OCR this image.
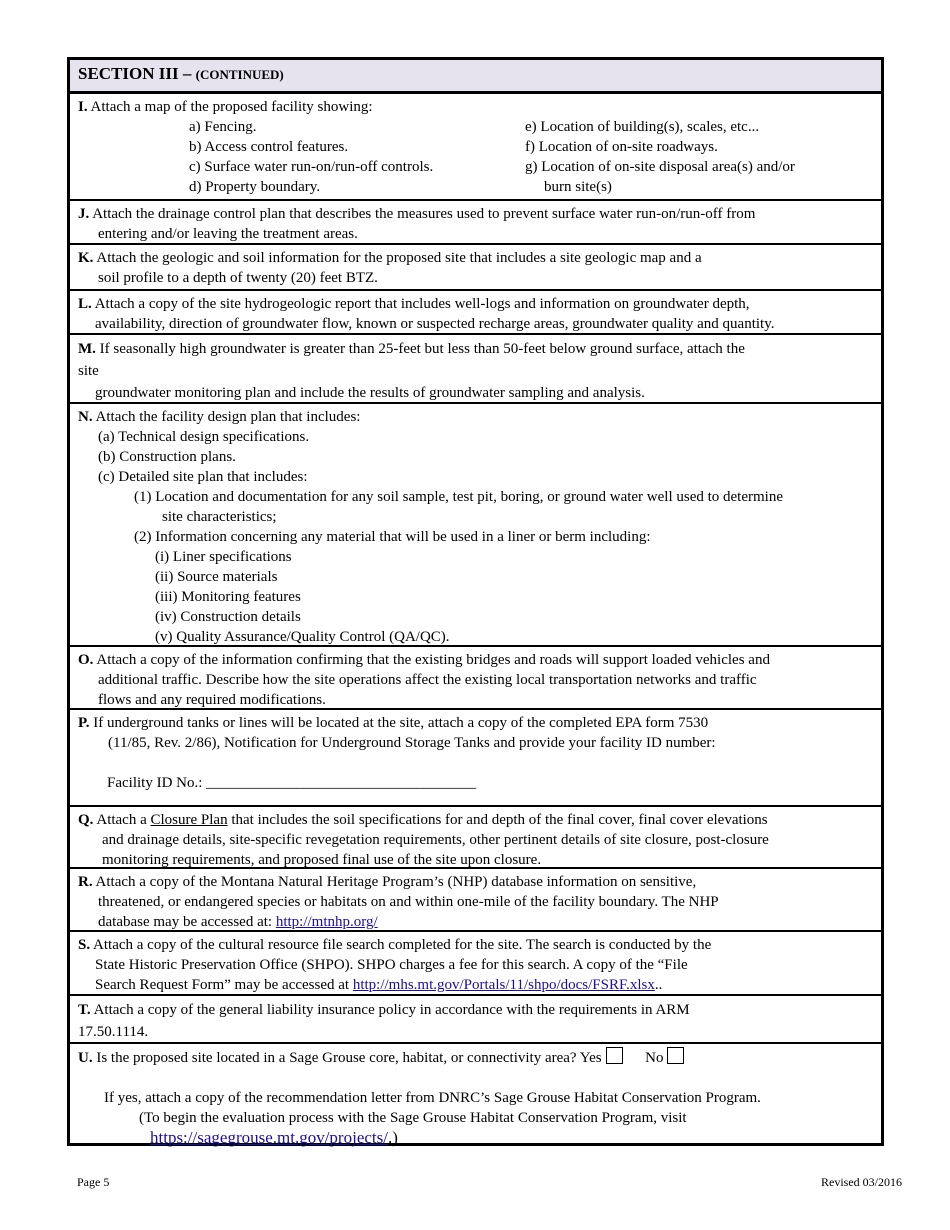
SECTION III – (CONTINUED)
I. Attach a map of the proposed facility showing:
a) Fencing.
b) Access control features.
c) Surface water run-on/run-off controls.
d) Property boundary.
e) Location of building(s), scales, etc...
f) Location of on-site roadways.
g) Location of on-site disposal area(s) and/or
burn site(s)
J. Attach the drainage control plan that describes the measures used to prevent surface water run-on/run-off from
entering and/or leaving the treatment areas.
K. Attach the geologic and soil information for the proposed site that includes a site geologic map and a
soil profile to a depth of twenty (20) feet BTZ.
L. Attach a copy of the site hydrogeologic report that includes well-logs and information on groundwater depth,
availability, direction of groundwater flow, known or suspected recharge areas, groundwater quality and quantity.
M. If seasonally high groundwater is greater than 25-feet but less than 50-feet below ground surface, attach the
site
groundwater monitoring plan and include the results of groundwater sampling and analysis.
N. Attach the facility design plan that includes:
(a) Technical design specifications.
(b) Construction plans.
(c) Detailed site plan that includes:
(1) Location and documentation for any soil sample, test pit, boring, or ground water well used to determine
site characteristics;
(2) Information concerning any material that will be used in a liner or berm including:
(i) Liner specifications
(ii) Source materials
(iii) Monitoring features
(iv) Construction details
(v) Quality Assurance/Quality Control (QA/QC).
O. Attach a copy of the information confirming that the existing bridges and roads will support loaded vehicles and
additional traffic. Describe how the site operations affect the existing local transportation networks and traffic
flows and any required modifications.
P. If underground tanks or lines will be located at the site, attach a copy of the completed EPA form 7530
(11/85, Rev. 2/86), Notification for Underground Storage Tanks and provide your facility ID number:
Facility ID No.: ____________________________________
Q. Attach a Closure Plan that includes the soil specifications for and depth of the final cover, final cover elevations
and drainage details, site-specific revegetation requirements, other pertinent details of site closure, post-closure
monitoring requirements, and proposed final use of the site upon closure.
R. Attach a copy of the Montana Natural Heritage Program’s (NHP) database information on sensitive,
threatened, or endangered species or habitats on and within one-mile of the facility boundary. The NHP
database may be accessed at: http://mtnhp.org/
S. Attach a copy of the cultural resource file search completed for the site. The search is conducted by the
State Historic Preservation Office (SHPO). SHPO charges a fee for this search. A copy of the “File
Search Request Form” may be accessed at http://mhs.mt.gov/Portals/11/shpo/docs/FSRF.xlsx..
T. Attach a copy of the general liability insurance policy in accordance with the requirements in ARM
17.50.1114.
U. Is the proposed site located in a Sage Grouse core, habitat, or connectivity area? Yes	No
If yes, attach a copy of the recommendation letter from DNRC’s Sage Grouse Habitat Conservation Program.
(To begin the evaluation process with the Sage Grouse Habitat Conservation Program, visit
https://sagegrouse.mt.gov/projects/.)
Page 5	Revised 03/2016
